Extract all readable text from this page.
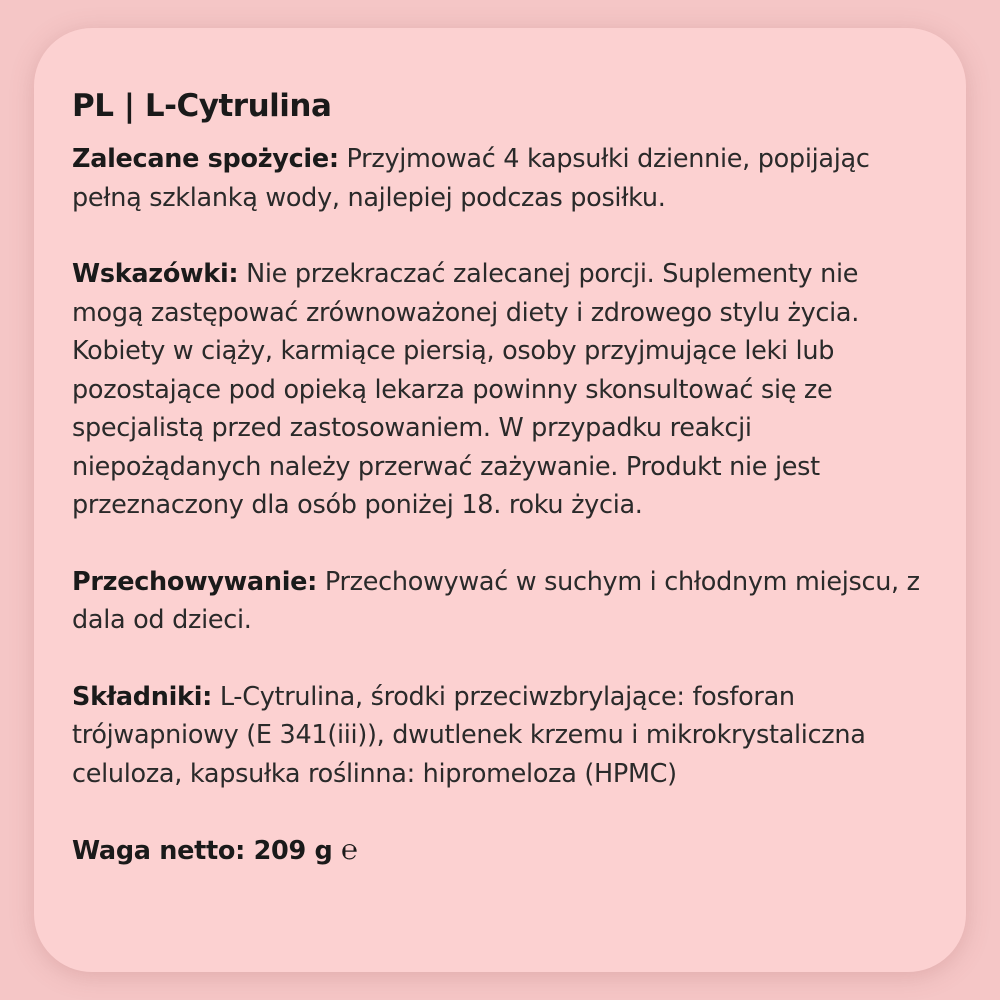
PL | L-Cytrulina

Zalecane spożycie: Przyjmować 4 kapsułki dziennie, popijając pełną szklanką wody, najlepiej podczas posiłku.

Wskazówki: Nie przekraczać zalecanej porcji. Suplementy nie mogą zastępować zrównoważonej diety i zdrowego stylu życia. Kobiety w ciąży, karmiące piersią, osoby przyjmujące leki lub pozostające pod opieką lekarza powinny skonsultować się ze specjalistą przed zastosowaniem. W przypadku reakcji niepożądanych należy przerwać zażywanie. Produkt nie jest przeznaczony dla osób poniżej 18. roku życia.

Przechowywanie: Przechowywać w suchym i chłodnym miejscu, z dala od dzieci.

Składniki: L-Cytrulina, środki przeciwzbrylające: fosforan trójwapniowy (E 341(iii)), dwutlenek krzemu i mikrokrystaliczna celuloza, kapsułka roślinna: hipromeloza (HPMC)

Waga netto: 209 g ℮
